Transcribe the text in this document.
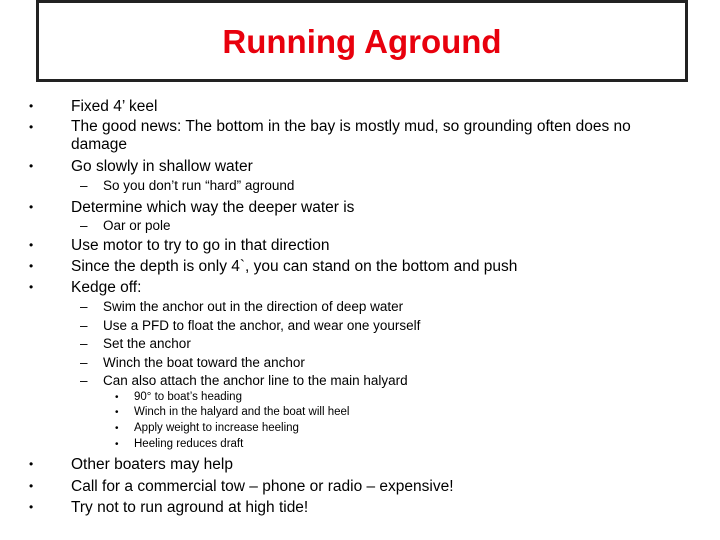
Running Aground
• Fixed 4’ keel
• The good news: The bottom in the bay is mostly mud, so grounding often does no damage
• Go slowly in shallow water
– So you don’t run “hard” aground
• Determine which way the deeper water is
– Oar or pole
• Use motor to try to go in that direction
• Since the depth is only 4`, you can stand on the bottom and push
• Kedge off:
– Swim the anchor out in the direction of deep water
– Use a PFD to float the anchor, and wear one yourself
– Set the anchor
– Winch the boat toward the anchor
– Can also attach the anchor line to the main halyard
• 90° to boat’s heading
• Winch in the halyard and the boat will heel
• Apply weight to increase heeling
• Heeling reduces draft
• Other boaters may help
• Call for a commercial tow – phone or radio – expensive!
• Try not to run aground at high tide!
